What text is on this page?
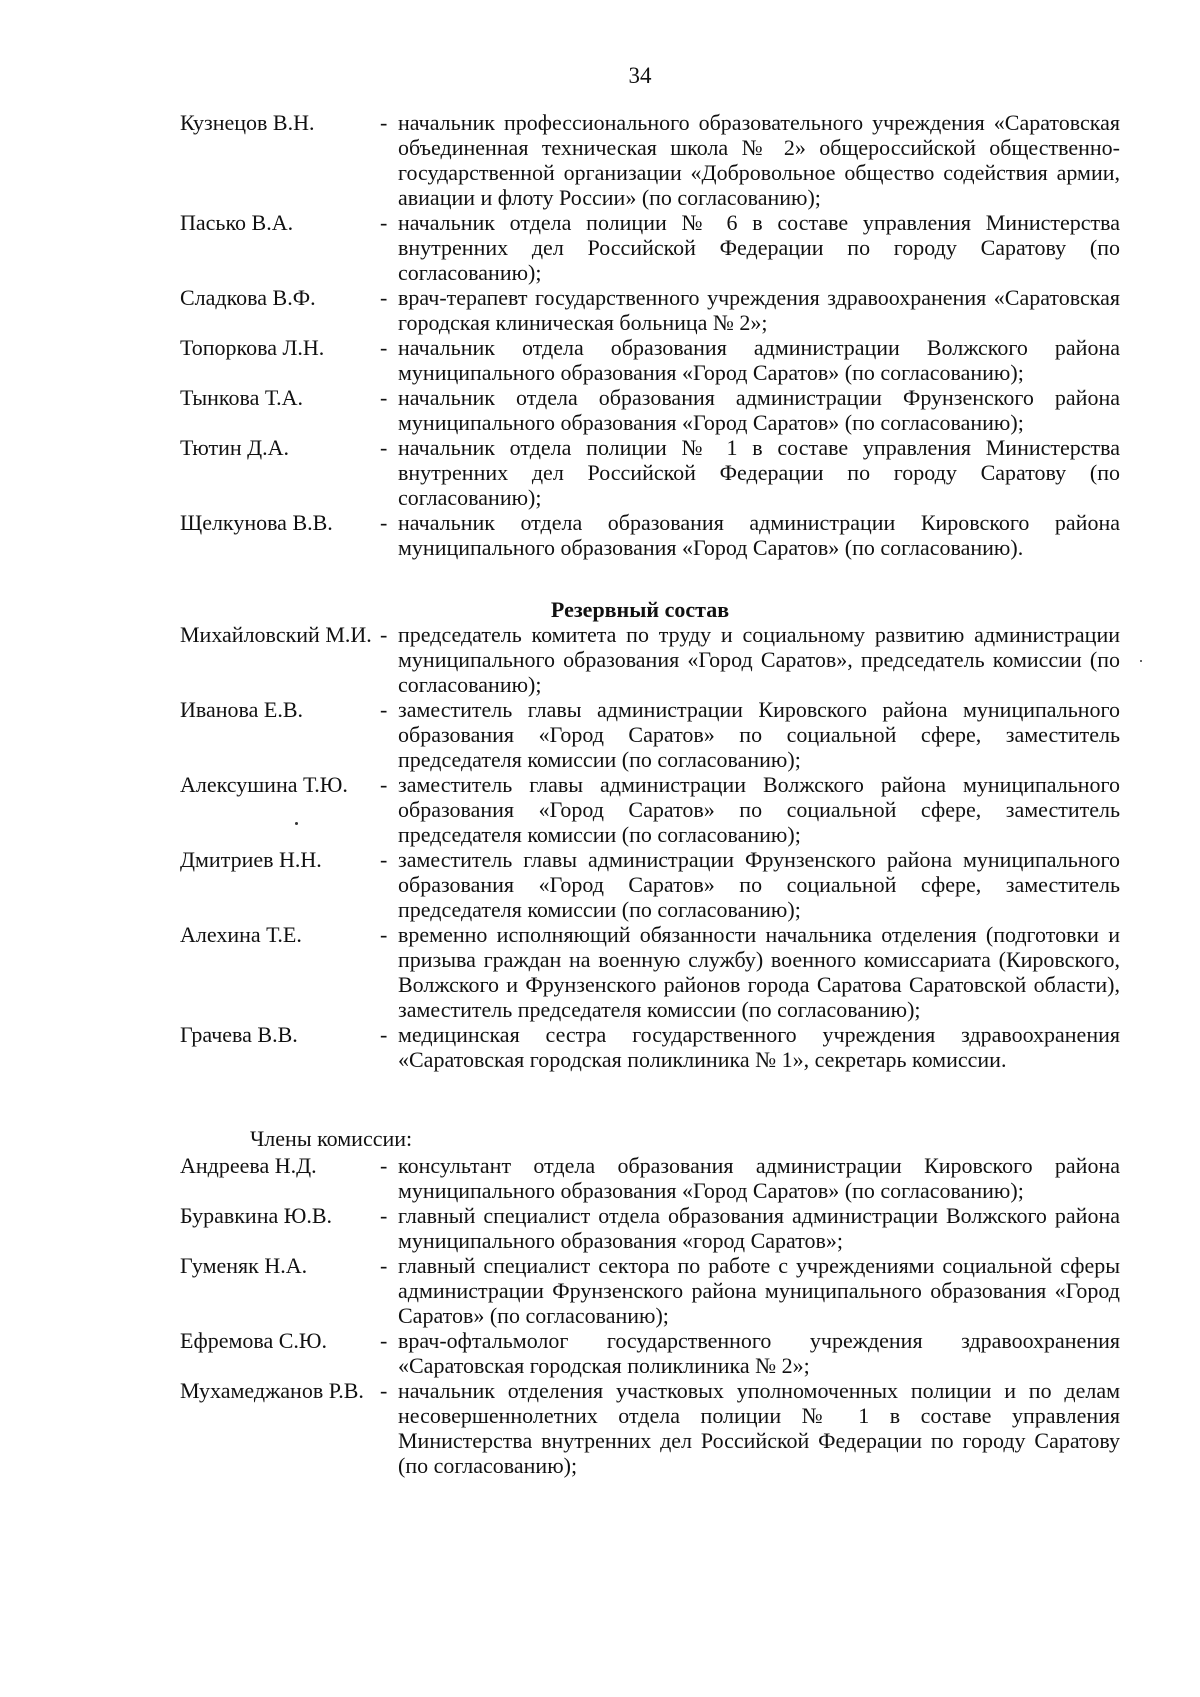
34
Кузнецов В.Н.	- начальник профессионального образовательного учреждения «Саратовская объединенная техническая школа № 2» общероссийской общественно-государственной организации «Добровольное общество содействия армии, авиации и флоту России» (по согласованию);
Пасько В.А.	- начальник отдела полиции № 6 в составе управления Министерства внутренних дел Российской Федерации по городу Саратову (по согласованию);
Сладкова В.Ф.	- врач-терапевт государственного учреждения здравоохранения «Саратовская городская клиническая больница № 2»;
Топоркова Л.Н.	- начальник отдела образования администрации Волжского района муниципального образования «Город Саратов» (по согласованию);
Тынкова Т.А.	- начальник отдела образования администрации Фрунзенского района муниципального образования «Город Саратов» (по согласованию);
Тютин Д.А.	- начальник отдела полиции № 1 в составе управления Министерства внутренних дел Российской Федерации по городу Саратову (по согласованию);
Щелкунова В.В.	- начальник отдела образования администрации Кировского района муниципального образования «Город Саратов» (по согласованию).
Резервный состав
Михайловский М.И. - председатель комитета по труду и социальному развитию администрации муниципального образования «Город Саратов», председатель комиссии (по согласованию);
Иванова Е.В.	- заместитель главы администрации Кировского района муниципального образования «Город Саратов» по социальной сфере, заместитель председателя комиссии (по согласованию);
Алексушина Т.Ю.	- заместитель главы администрации Волжского района муниципального образования «Город Саратов» по социальной сфере, заместитель председателя комиссии (по согласованию);
Дмитриев Н.Н.	- заместитель главы администрации Фрунзенского района муниципального образования «Город Саратов» по социальной сфере, заместитель председателя комиссии (по согласованию);
Алехина Т.Е.	- временно исполняющий обязанности начальника отделения (подготовки и призыва граждан на военную службу) военного комиссариата (Кировского, Волжского и Фрунзенского районов города Саратова Саратовской области), заместитель председателя комиссии (по согласованию);
Грачева В.В.	- медицинская сестра государственного учреждения здравоохранения «Саратовская городская поликлиника № 1», секретарь комиссии.
Члены комиссии:
Андреева Н.Д.	- консультант отдела образования администрации Кировского района муниципального образования «Город Саратов» (по согласованию);
Буравкина Ю.В.	- главный специалист отдела образования администрации Волжского района муниципального образования «город Саратов»;
Гуменяк Н.А.	- главный специалист сектора по работе с учреждениями социальной сферы администрации Фрунзенского района муниципального образования «Город Саратов» (по согласованию);
Ефремова С.Ю.	- врач-офтальмолог государственного учреждения здравоохранения «Саратовская городская поликлиника № 2»;
Мухамеджанов Р.В. - начальник отделения участковых уполномоченных полиции и по делам несовершеннолетних отдела полиции № 1 в составе управления Министерства внутренних дел Российской Федерации по городу Саратову (по согласованию);
